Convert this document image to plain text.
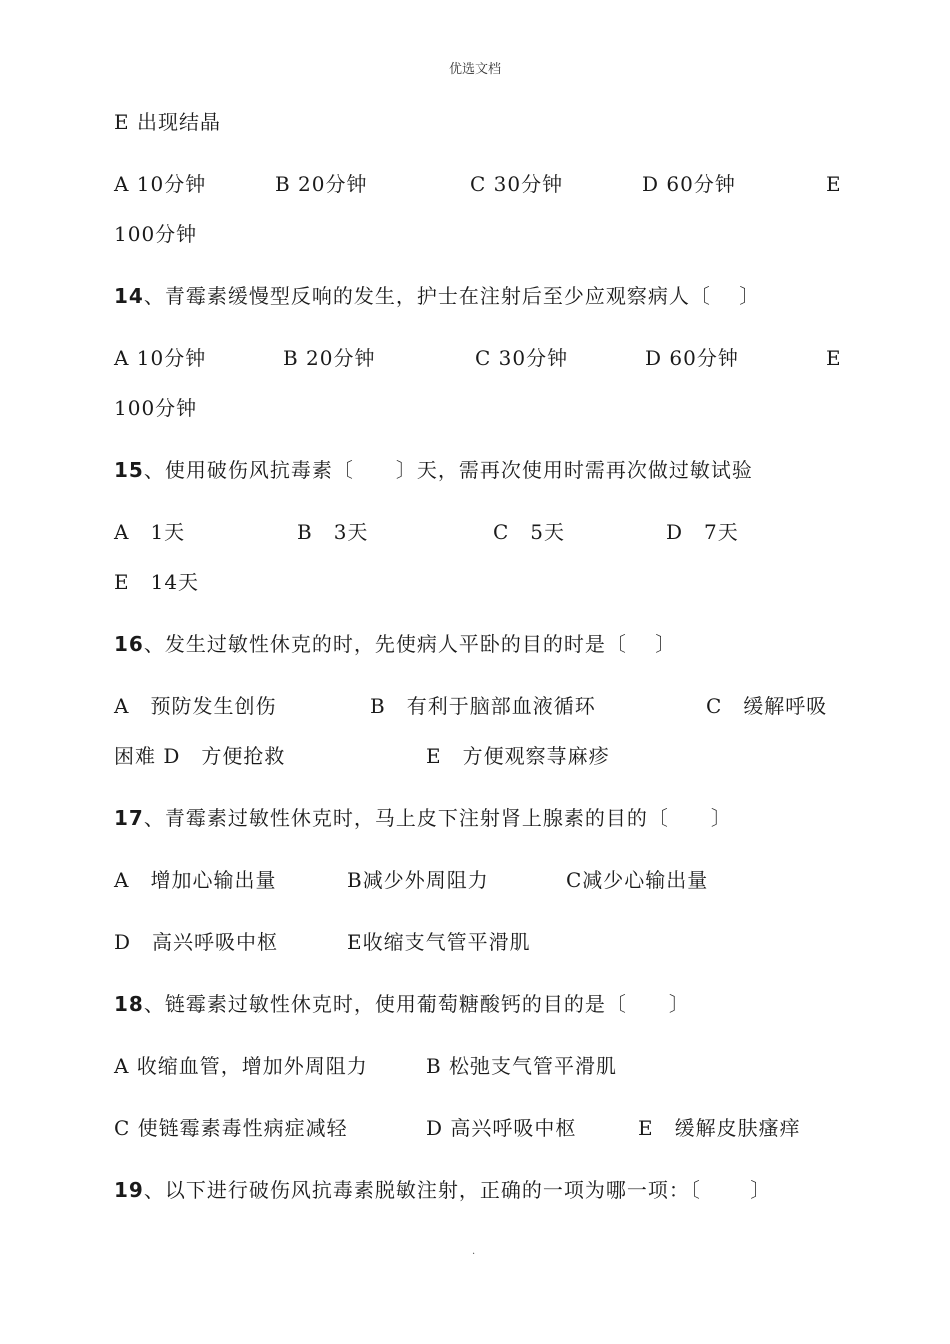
优选文档
E 出现结晶
A 10分钟	B 20分钟	C 30分钟	D 60分钟	E
100分钟
14、青霉素缓慢型反响的发生，护士在注射后至少应观察病人〔　 〕
A 10分钟	B 20分钟	C 30分钟	D 60分钟	E
100分钟
15、使用破伤风抗毒素〔　　〕天，需再次使用时需再次做过敏试验
A　1天	B　3天	C　5天	D　7天
E　14天
16、发生过敏性休克的时，先使病人平卧的目的时是〔　 〕
A　预防发生创伤	B　有利于脑部血液循环	C　缓解呼吸
困难 D　方便抢救	E　方便观察荨麻疹
17、青霉素过敏性休克时，马上皮下注射肾上腺素的目的〔　　〕
A　增加心输出量	B减少外周阻力	C减少心输出量
D　高兴呼吸中枢	E收缩支气管平滑肌
18、链霉素过敏性休克时，使用葡萄糖酸钙的目的是〔　　〕
A 收缩血管，增加外周阻力	B 松弛支气管平滑肌
C 使链霉素毒性病症减轻	D 高兴呼吸中枢	E　缓解皮肤瘙痒
19、以下进行破伤风抗毒素脱敏注射，正确的一项为哪一项：〔　　 〕
.
